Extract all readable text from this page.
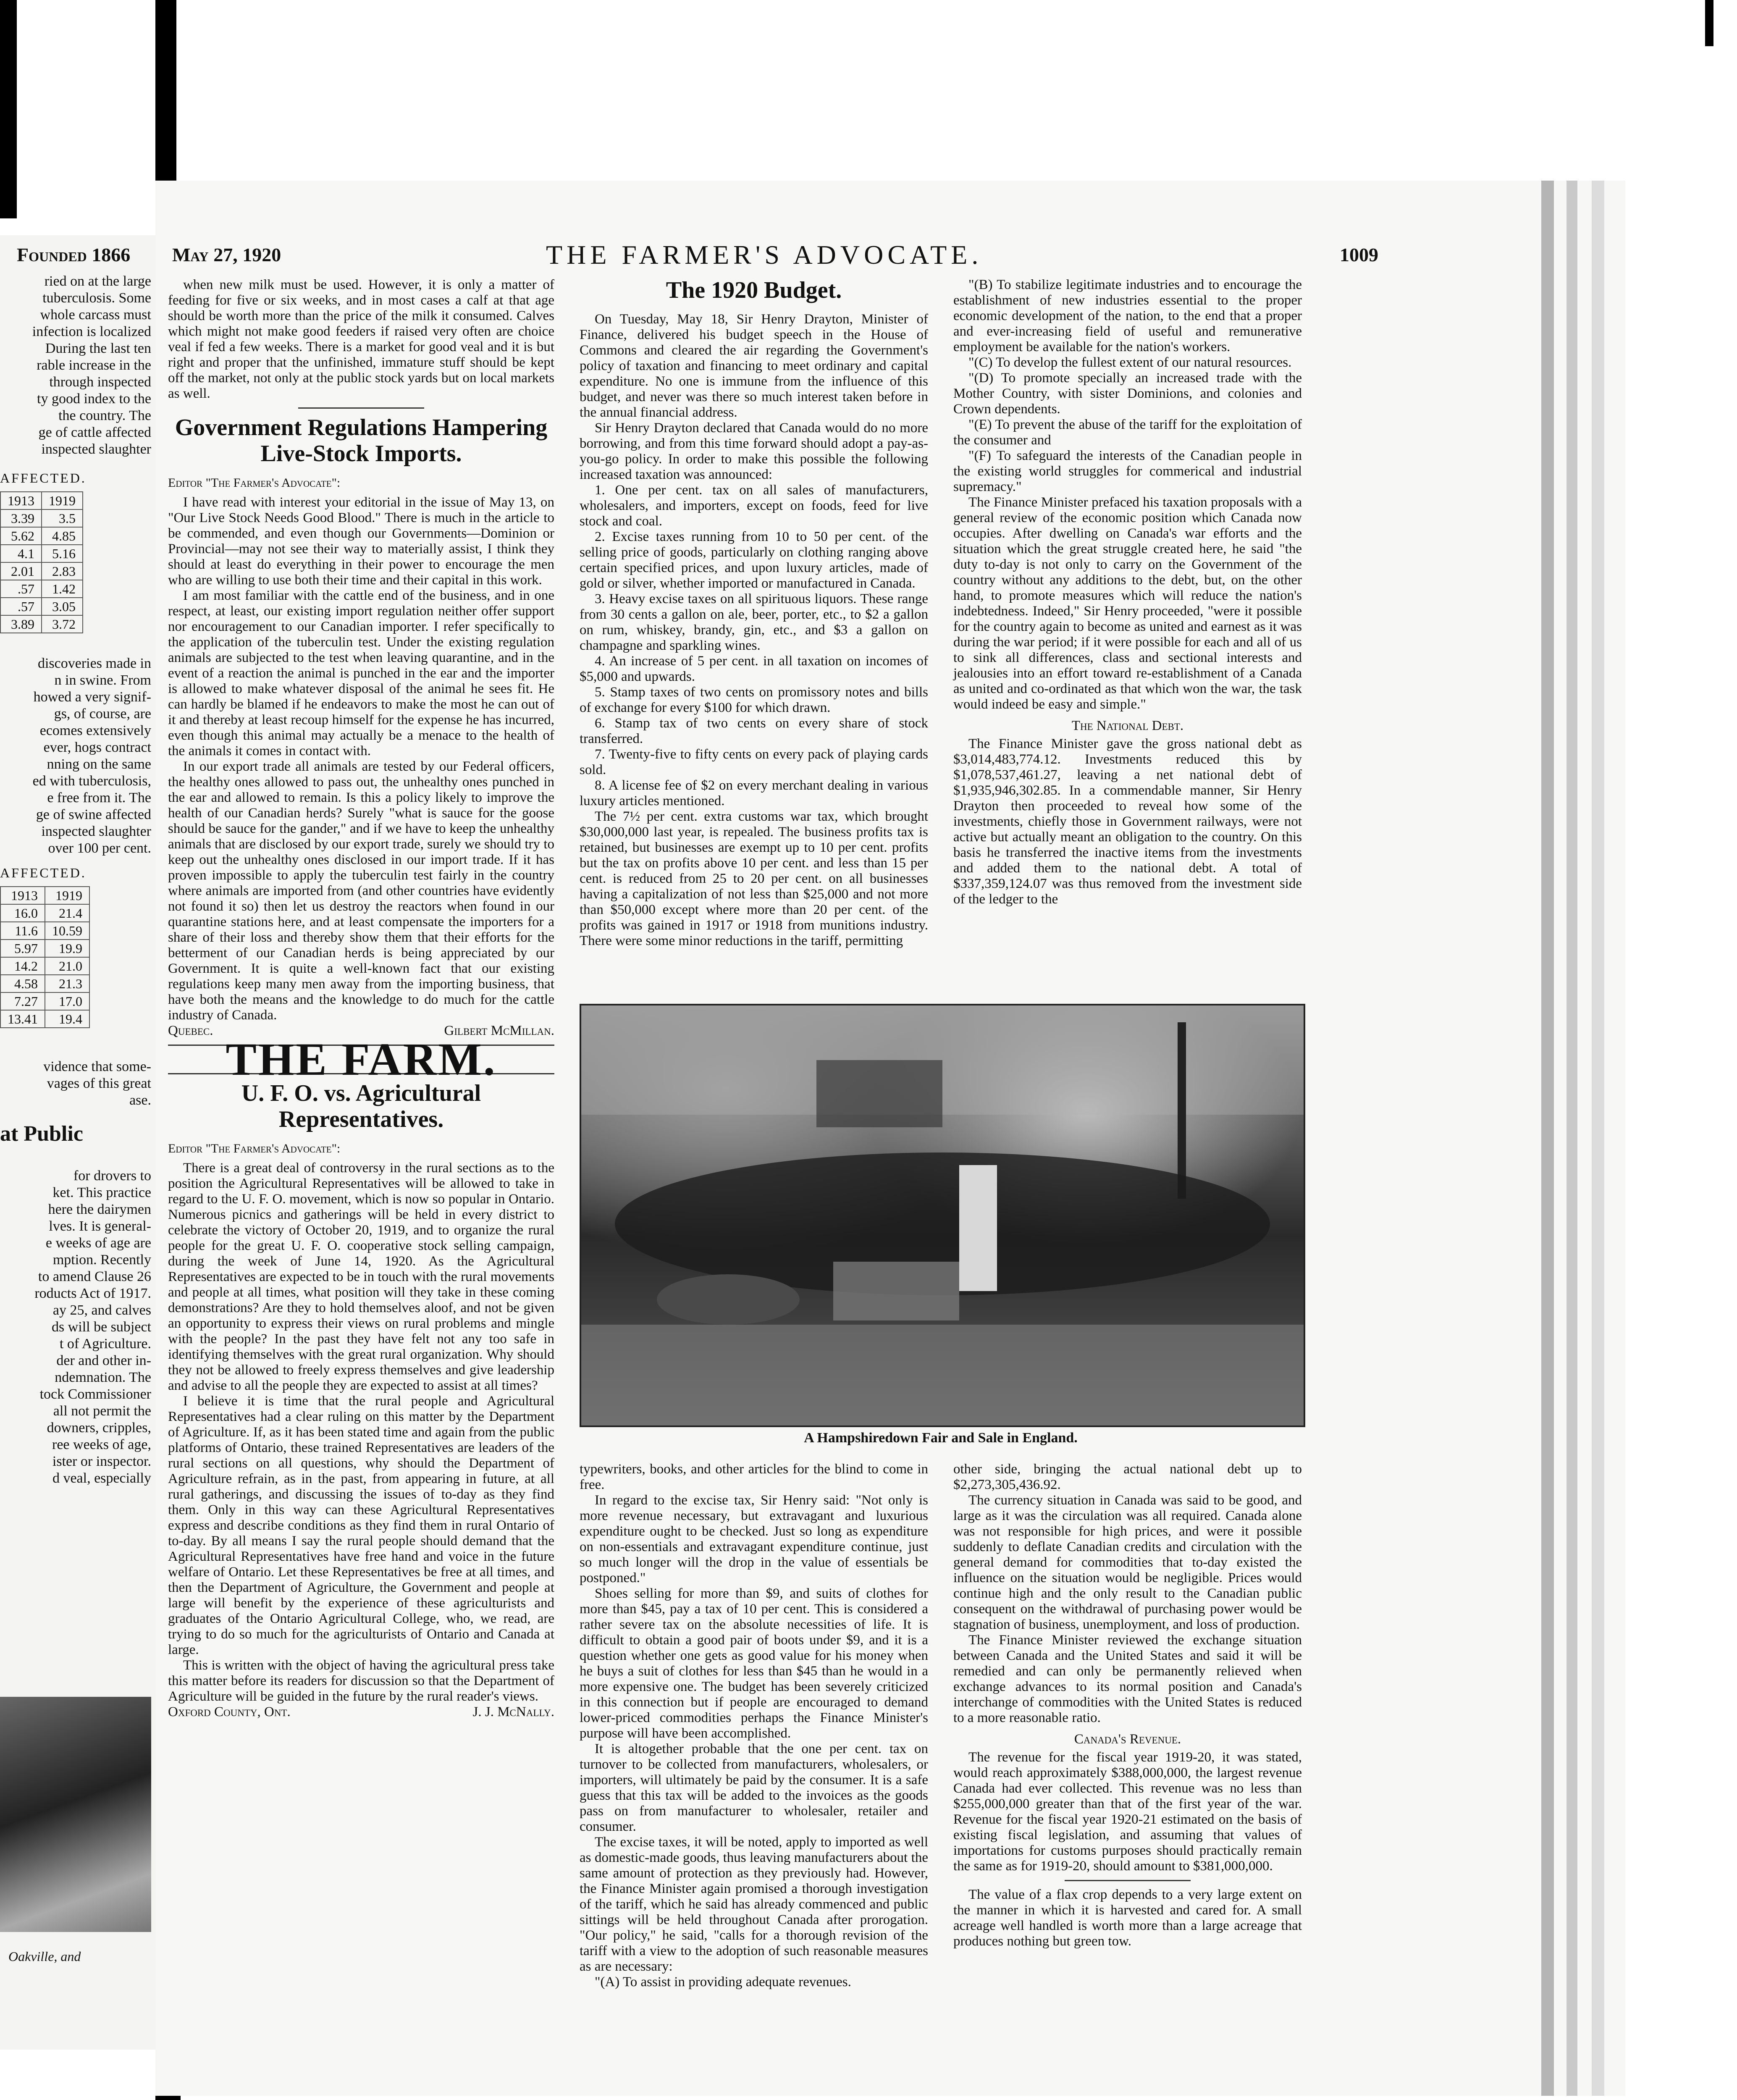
Founded 1866
ried on at the large
tuberculosis. Some
whole carcass must
infection is localized
During the last ten
rable increase in the
through inspected
ty good index to the
the country. The
ge of cattle affected
inspected slaughter
AFFECTED.
1913	1919
3.39	3.5
5.62	4.85
4.1	5.16
2.01	2.83
.57	1.42
.57	3.05
3.89	3.72
discoveries made in
n in swine. From
howed a very signif-
gs, of course, are
ecomes extensively
ever, hogs contract
nning on the same
ed with tuberculosis,
e free from it. The
ge of swine affected
inspected slaughter
over 100 per cent.
AFFECTED.
1913	1919
16.0	21.4
11.6	10.59
5.97	19.9
14.2	21.0
4.58	21.3
7.27	17.0
13.41	19.4
vidence that some-
vages of this great
ase.
at Public
for drovers to
ket. This practice
here the dairymen
lves. It is general-
e weeks of age are
mption. Recently
to amend Clause 26
roducts Act of 1917.
ay 25, and calves
ds will be subject
t of Agriculture.
der and other in-
ndemnation. The
tock Commissioner
all not permit the
downers, cripples,
ree weeks of age,
ister or inspector.
d veal, especially
Oakville, and
May 27, 1920	THE FARMER'S ADVOCATE.	1009

when new milk must be used. However, it is only a matter of feeding for five or six weeks, and in most cases a calf at that age should be worth more than the price of the milk it consumed. Calves which might not make good feeders if raised very often are choice veal if fed a few weeks. There is a market for good veal and it is but right and proper that the unfinished, immature stuff should be kept off the market, not only at the public stock yards but on local markets as well.

Government Regulations Hampering Live-Stock Imports.
Editor "The Farmer's Advocate":

I have read with interest your editorial in the issue of May 13, on "Our Live Stock Needs Good Blood." There is much in the article to be commended, and even though our Governments—Dominion or Provincial—may not see their way to materially assist, I think they should at least do everything in their power to encourage the men who are willing to use both their time and their capital in this work.

I am most familiar with the cattle end of the business, and in one respect, at least, our existing import regulation neither offer support nor encouragement to our Canadian importer. I refer specifically to the application of the tuberculin test. Under the existing regulation animals are subjected to the test when leaving quarantine, and in the event of a reaction the animal is punched in the ear and the importer is allowed to make whatever disposal of the animal he sees fit. He can hardly be blamed if he endeavors to make the most he can out of it and thereby at least recoup himself for the expense he has incurred, even though this animal may actually be a menace to the health of the animals it comes in contact with.

In our export trade all animals are tested by our Federal officers, the healthy ones allowed to pass out, the unhealthy ones punched in the ear and allowed to remain. Is this a policy likely to improve the health of our Canadian herds? Surely "what is sauce for the goose should be sauce for the gander," and if we have to keep the unhealthy animals that are disclosed by our export trade, surely we should try to keep out the unhealthy ones disclosed in our import trade. If it has proven impossible to apply the tuberculin test fairly in the country where animals are imported from (and other countries have evidently not found it so) then let us destroy the reactors when found in our quarantine stations here, and at least compensate the importers for a share of their loss and thereby show them that their efforts for the betterment of our Canadian herds is being appreciated by our Government. It is quite a well-known fact that our existing regulations keep many men away from the importing business, that have both the means and the knowledge to do much for the cattle industry of Canada.

Quebec.	Gilbert McMillan.
THE FARM.
U. F. O. vs. Agricultural Representatives.
Editor "The Farmer's Advocate":

There is a great deal of controversy in the rural sections as to the position the Agricultural Representatives will be allowed to take in regard to the U. F. O. movement, which is now so popular in Ontario. Numerous picnics and gatherings will be held in every district to celebrate the victory of October 20, 1919, and to organize the rural people for the great U. F. O. cooperative stock selling campaign, during the week of June 14, 1920. As the Agricultural Representatives are expected to be in touch with the rural movements and people at all times, what position will they take in these coming demonstrations? Are they to hold themselves aloof, and not be given an opportunity to express their views on rural problems and mingle with the people? In the past they have felt not any too safe in identifying themselves with the great rural organization. Why should they not be allowed to freely express themselves and give leadership and advise to all the people they are expected to assist at all times?

I believe it is time that the rural people and Agricultural Representatives had a clear ruling on this matter by the Department of Agriculture. If, as it has been stated time and again from the public platforms of Ontario, these trained Representatives are leaders of the rural sections on all questions, why should the Department of Agriculture refrain, as in the past, from appearing in future, at all rural gatherings, and discussing the issues of to-day as they find them. Only in this way can these Agricultural Representatives express and describe conditions as they find them in rural Ontario of to-day. By all means I say the rural people should demand that the Agricultural Representatives have free hand and voice in the future welfare of Ontario. Let these Representatives be free at all times, and then the Department of Agriculture, the Government and people at large will benefit by the experience of these agriculturists and graduates of the Ontario Agricultural College, who, we read, are trying to do so much for the agriculturists of Ontario and Canada at large.

This is written with the object of having the agricultural press take this matter before its readers for discussion so that the Department of Agriculture will be guided in the future by the rural reader's views.

Oxford County, Ont.	J. J. McNally.
The 1920 Budget.

On Tuesday, May 18, Sir Henry Drayton, Minister of Finance, delivered his budget speech in the House of Commons and cleared the air regarding the Government's policy of taxation and financing to meet ordinary and capital expenditure. No one is immune from the influence of this budget, and never was there so much interest taken before in the annual financial address.

Sir Henry Drayton declared that Canada would do no more borrowing, and from this time forward should adopt a pay-as-you-go policy. In order to make this possible the following increased taxation was announced:

1. One per cent. tax on all sales of manufacturers, wholesalers, and importers, except on foods, feed for live stock and coal.

2. Excise taxes running from 10 to 50 per cent. of the selling price of goods, particularly on clothing ranging above certain specified prices, and upon luxury articles, made of gold or silver, whether imported or manufactured in Canada.

3. Heavy excise taxes on all spirituous liquors. These range from 30 cents a gallon on ale, beer, porter, etc., to $2 a gallon on rum, whiskey, brandy, gin, etc., and $3 a gallon on champagne and sparkling wines.

4. An increase of 5 per cent. in all taxation on incomes of $5,000 and upwards.

5. Stamp taxes of two cents on promissory notes and bills of exchange for every $100 for which drawn.

6. Stamp tax of two cents on every share of stock transferred.

7. Twenty-five to fifty cents on every pack of playing cards sold.

8. A license fee of $2 on every merchant dealing in various luxury articles mentioned.

The 7½ per cent. extra customs war tax, which brought $30,000,000 last year, is repealed. The business profits tax is retained, but businesses are exempt up to 10 per cent. profits but the tax on profits above 10 per cent. and less than 15 per cent. is reduced from 25 to 20 per cent. on all businesses having a capitalization of not less than $25,000 and not more than $50,000 except where more than 20 per cent. of the profits was gained in 1917 or 1918 from munitions industry. There were some minor reductions in the tariff, permitting

typewriters, books, and other articles for the blind to come in free.

In regard to the excise tax, Sir Henry said: "Not only is more revenue necessary, but extravagant and luxurious expenditure ought to be checked. Just so long as expenditure on non-essentials and extravagant expenditure continue, just so much longer will the drop in the value of essentials be postponed."

Shoes selling for more than $9, and suits of clothes for more than $45, pay a tax of 10 per cent. This is considered a rather severe tax on the absolute necessities of life. It is difficult to obtain a good pair of boots under $9, and it is a question whether one gets as good value for his money when he buys a suit of clothes for less than $45 than he would in a more expensive one. The budget has been severely criticized in this connection but if people are encouraged to demand lower-priced commodities perhaps the Finance Minister's purpose will have been accomplished.

It is altogether probable that the one per cent. tax on turnover to be collected from manufacturers, wholesalers, or importers, will ultimately be paid by the consumer. It is a safe guess that this tax will be added to the invoices as the goods pass on from manufacturer to wholesaler, retailer and consumer.

The excise taxes, it will be noted, apply to imported as well as domestic-made goods, thus leaving manufacturers about the same amount of protection as they previously had. However, the Finance Minister again promised a thorough investigation of the tariff, which he said has already commenced and public sittings will be held throughout Canada after prorogation. "Our policy," he said, "calls for a thorough revision of the tariff with a view to the adoption of such reasonable measures as are necessary:

"(A) To assist in providing adequate revenues.

"(B) To stabilize legitimate industries and to encourage the establishment of new industries essential to the proper economic development of the nation, to the end that a proper and ever-increasing field of useful and remunerative employment be available for the nation's workers.

"(C) To develop the fullest extent of our natural resources.

"(D) To promote specially an increased trade with the Mother Country, with sister Dominions, and colonies and Crown dependents.

"(E) To prevent the abuse of the tariff for the exploitation of the consumer and

"(F) To safeguard the interests of the Canadian people in the existing world struggles for commerical and industrial supremacy."

The Finance Minister prefaced his taxation proposals with a general review of the economic position which Canada now occupies. After dwelling on Canada's war efforts and the situation which the great struggle created here, he said "the duty to-day is not only to carry on the Government of the country without any additions to the debt, but, on the other hand, to promote measures which will reduce the nation's indebtedness. Indeed," Sir Henry proceeded, "were it possible for the country again to become as united and earnest as it was during the war period; if it were possible for each and all of us to sink all differences, class and sectional interests and jealousies into an effort toward re-establishment of a Canada as united and co-ordinated as that which won the war, the task would indeed be easy and simple."

The National Debt.

The Finance Minister gave the gross national debt as $3,014,483,774.12. Investments reduced this by $1,078,537,461.27, leaving a net national debt of $1,935,946,302.85. In a commendable manner, Sir Henry Drayton then proceeded to reveal how some of the investments, chiefly those in Government railways, were not active but actually meant an obligation to the country. On this basis he transferred the inactive items from the investments and added them to the national debt. A total of $337,359,124.07 was thus removed from the investment side of the ledger to the

other side, bringing the actual national debt up to $2,273,305,436.92.

The currency situation in Canada was said to be good, and large as it was the circulation was all required. Canada alone was not responsible for high prices, and were it possible suddenly to deflate Canadian credits and circulation with the general demand for commodities that to-day existed the influence on the situation would be negligible. Prices would continue high and the only result to the Canadian public consequent on the withdrawal of purchasing power would be stagnation of business, unemployment, and loss of production.

The Finance Minister reviewed the exchange situation between Canada and the United States and said it will be remedied and can only be permanently relieved when exchange advances to its normal position and Canada's interchange of commodities with the United States is reduced to a more reasonable ratio.

Canada's Revenue.

The revenue for the fiscal year 1919-20, it was stated, would reach approximately $388,000,000, the largest revenue Canada had ever collected. This revenue was no less than $255,000,000 greater than that of the first year of the war. Revenue for the fiscal year 1920-21 estimated on the basis of existing fiscal legislation, and assuming that values of importations for customs purposes should practically remain the same as for 1919-20, should amount to $381,000,000.

The value of a flax crop depends to a very large extent on the manner in which it is harvested and cared for. A small acreage well handled is worth more than a large acreage that produces nothing but green tow.

A Hampshiredown Fair and Sale in England.
